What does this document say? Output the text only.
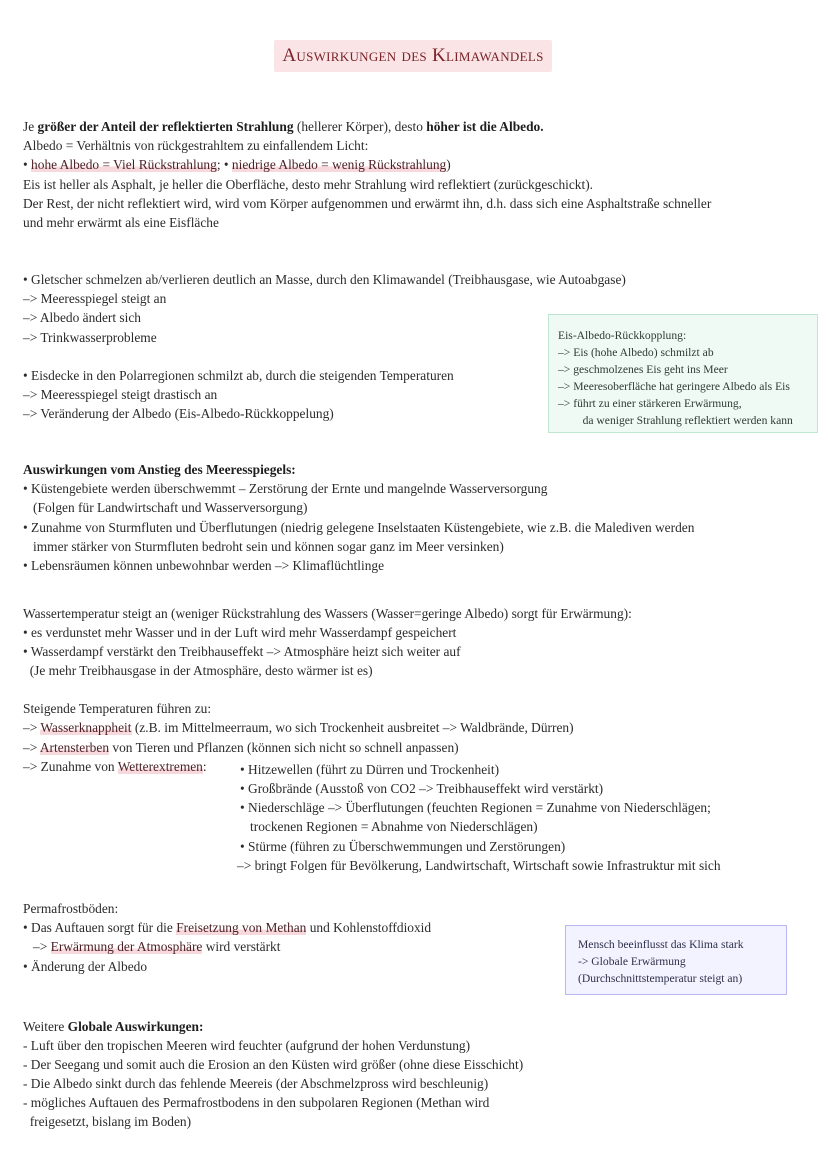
Auswirkungen des Klimawandels
Je größer der Anteil der reflektierten Strahlung (hellerer Körper), desto höher ist die Albedo.
Albedo = Verhältnis von rückgestrahltem zu einfallendem Licht:
• hohe Albedo = Viel Rückstrahlung; • niedrige Albedo = wenig Rückstrahlung)
Eis ist heller als Asphalt, je heller die Oberfläche, desto mehr Strahlung wird reflektiert (zurückgeschickt).
Der Rest, der nicht reflektiert wird, wird vom Körper aufgenommen und erwärmt ihn, d.h. dass sich eine Asphaltstraße schneller
und mehr erwärmt als eine Eisfläche
• Gletscher schmelzen ab/verlieren deutlich an Masse, durch den Klimawandel (Treibhausgase, wie Autoabgase)
–> Meeresspiegel steigt an
–> Albedo ändert sich
–> Trinkwasserprobleme
• Eisdecke in den Polarregionen schmilzt ab, durch die steigenden Temperaturen
–> Meeresspiegel steigt drastisch an
–> Veränderung der Albedo (Eis-Albedo-Rückkoppelung)
Eis-Albedo-Rückkopplung:
–> Eis (hohe Albedo) schmilzt ab
–> geschmolzenes Eis geht ins Meer
–> Meeresoberfläche hat geringere Albedo als Eis
–> führt zu einer stärkeren Erwärmung,
da weniger Strahlung reflektiert werden kann
Auswirkungen vom Anstieg des Meeresspiegels:
• Küstengebiete werden überschwemmt – Zerstörung der Ernte und mangelnde Wasserversorgung
(Folgen für Landwirtschaft und Wasserversorgung)
• Zunahme von Sturmfluten und Überflutungen (niedrig gelegene Inselstaaten Küstengebiete, wie z.B. die Malediven werden
immer stärker von Sturmfluten bedroht sein und können sogar ganz im Meer versinken)
• Lebensräumen können unbewohnbar werden –> Klimaflüchtlinge
Wassertemperatur steigt an (weniger Rückstrahlung des Wassers (Wasser=geringe Albedo) sorgt für Erwärmung):
• es verdunstet mehr Wasser und in der Luft wird mehr Wasserdampf gespeichert
• Wasserdampf verstärkt den Treibhauseffekt –> Atmosphäre heizt sich weiter auf
(Je mehr Treibhausgase in der Atmosphäre, desto wärmer ist es)
Steigende Temperaturen führen zu:
–> Wasserknappheit (z.B. im Mittelmeerraum, wo sich Trockenheit ausbreitet –> Waldbrände, Dürren)
–> Artensterben von Tieren und Pflanzen (können sich nicht so schnell anpassen)
–> Zunahme von Wetterextremen: • Hitzewellen (führt zu Dürren und Trockenheit)
• Großbrände (Ausstoß von CO2 –> Treibhauseffekt wird verstärkt)
• Niederschläge –> Überflutungen (feuchten Regionen = Zunahme von Niederschlägen;
trockenen Regionen = Abnahme von Niederschlägen)
• Stürme (führen zu Überschwemmungen und Zerstörungen)
–> bringt Folgen für Bevölkerung, Landwirtschaft, Wirtschaft sowie Infrastruktur mit sich
Permafrostböden:
• Das Auftauen sorgt für die Freisetzung von Methan und Kohlenstoffdioxid
–> Erwärmung der Atmosphäre wird verstärkt
• Änderung der Albedo
Mensch beeinflusst das Klima stark
-> Globale Erwärmung
(Durchschnittstemperatur steigt an)
Weitere Globale Auswirkungen:
- Luft über den tropischen Meeren wird feuchter (aufgrund der hohen Verdunstung)
- Der Seegang und somit auch die Erosion an den Küsten wird größer (ohne diese Eisschicht)
- Die Albedo sinkt durch das fehlende Meereis (der Abschmelzpross wird beschleunig)
- mögliches Auftauen des Permafrostbodens in den subpolaren Regionen (Methan wird
freigesetzt, bislang im Boden)
